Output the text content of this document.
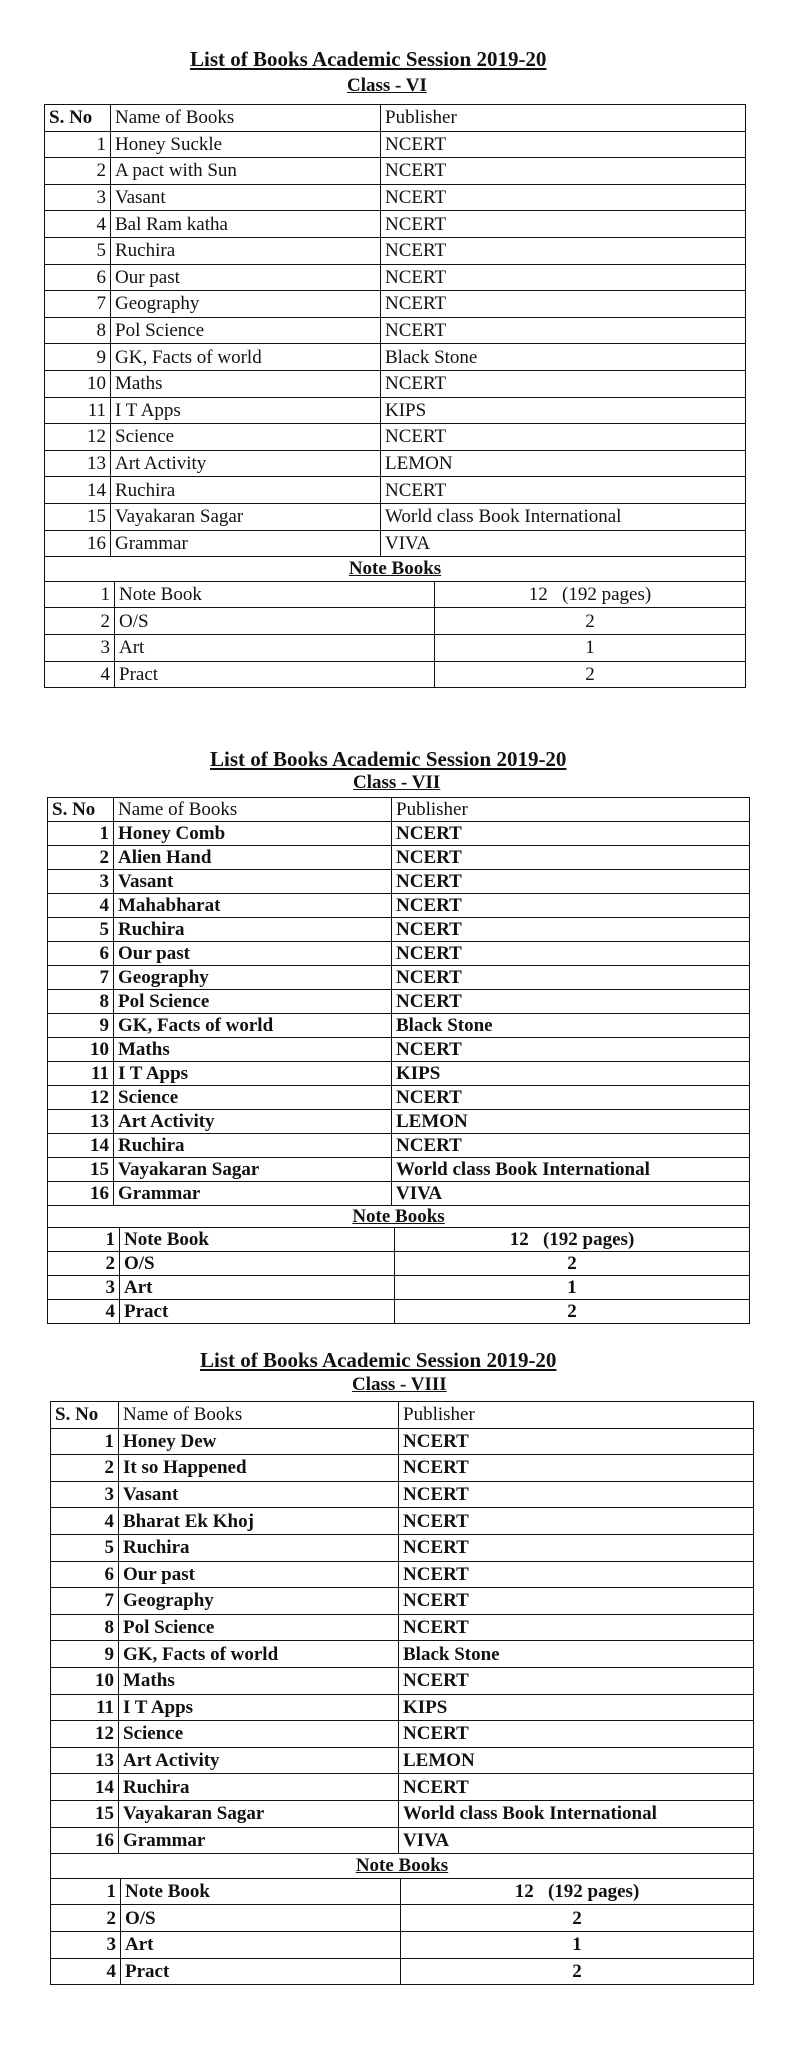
List of Books Academic Session 2019-20
Class - VI
S. No	Name of Books	Publisher
1	Honey Suckle	NCERT
2	A pact with Sun	NCERT
3	Vasant	NCERT
4	Bal Ram katha	NCERT
5	Ruchira	NCERT
6	Our past	NCERT
7	Geography	NCERT
8	Pol Science	NCERT
9	GK, Facts of world	Black Stone
10	Maths	NCERT
11	I T Apps	KIPS
12	Science	NCERT
13	Art Activity	LEMON
14	Ruchira	NCERT
15	Vayakaran Sagar	World class Book International
16	Grammar	VIVA
Note Books		
1	Note Book	12   (192 pages)
2	O/S	2
3	Art	1
4	Pract	2
List of Books Academic Session 2019-20
Class - VII
S. No	Name of Books	Publisher
1	Honey Comb	NCERT
2	Alien Hand	NCERT
3	Vasant	NCERT
4	Mahabharat	NCERT
5	Ruchira	NCERT
6	Our past	NCERT
7	Geography	NCERT
8	Pol Science	NCERT
9	GK, Facts of world	Black Stone
10	Maths	NCERT
11	I T Apps	KIPS
12	Science	NCERT
13	Art Activity	LEMON
14	Ruchira	NCERT
15	Vayakaran Sagar	World class Book International
16	Grammar	VIVA
Note Books		
1	Note Book	12   (192 pages)
2	O/S	2
3	Art	1
4	Pract	2
List of Books Academic Session 2019-20
Class - VIII
S. No	Name of Books	Publisher
1	Honey Dew	NCERT
2	It so Happened	NCERT
3	Vasant	NCERT
4	Bharat Ek Khoj	NCERT
5	Ruchira	NCERT
6	Our past	NCERT
7	Geography	NCERT
8	Pol Science	NCERT
9	GK, Facts of world	Black Stone
10	Maths	NCERT
11	I T Apps	KIPS
12	Science	NCERT
13	Art Activity	LEMON
14	Ruchira	NCERT
15	Vayakaran Sagar	World class Book International
16	Grammar	VIVA
Note Books		
1	Note Book	12   (192 pages)
2	O/S	2
3	Art	1
4	Pract	2
